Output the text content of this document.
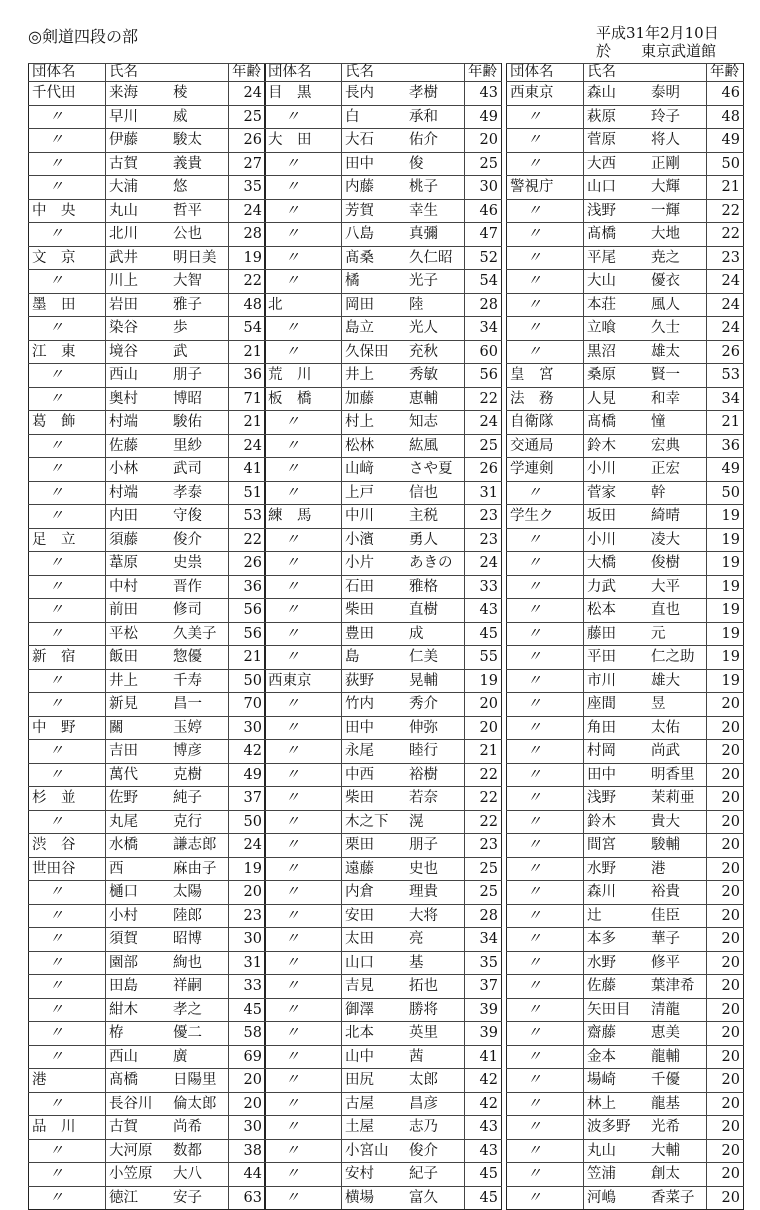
◎剣道四段の部	平成31年2月10日
於　　東京武道館
団体名	氏名		年齢
千代田	来海	稜	24
〃	早川	威	25
〃	伊藤	駿太	26
〃	古賀	義貴	27
〃	大浦	悠	35
中　央	丸山	哲平	24
〃	北川	公也	28
文　京	武井	明日美	19
〃	川上	大智	22
墨　田	岩田	雅子	48
〃	染谷	歩	54
江　東	境谷	武	21
〃	西山	朋子	36
〃	奥村	博昭	71
葛　飾	村端	駿佑	21
〃	佐藤	里紗	24
〃	小林	武司	41
〃	村端	孝泰	51
〃	内田	守俊	53
足　立	須藤	俊介	22
〃	葦原	史祟	26
〃	中村	晋作	36
〃	前田	修司	56
〃	平松	久美子	56
新　宿	飯田	惣優	21
〃	井上	千寿	50
〃	新見	昌一	70
中　野	關	玉婷	30
〃	吉田	博彦	42
〃	萬代	克樹	49
杉　並	佐野	純子	37
〃	丸尾	克行	50
渋　谷	水橋	謙志郎	24
世田谷	西	麻由子	19
〃	樋口	太陽	20
〃	小村	陸郎	23
〃	須賀	昭博	30
〃	園部	絢也	31
〃	田島	祥嗣	33
〃	紺木	孝之	45
〃	栫	優二	58
〃	西山	廣	69
港	髙橋	日陽里	20
〃	長谷川	倫太郎	20
品　川	古賀	尚希	30
〃	大河原	数都	38
〃	小笠原	大八	44
〃	徳江	安子	63
団体名	氏名		年齢
目　黒	長内	孝樹	43
〃	白	承和	49
大　田	大石	佑介	20
〃	田中	俊	25
〃	内藤	桃子	30
〃	芳賀	幸生	46
〃	八島	真彌	47
〃	髙桑	久仁昭	52
〃	橘	光子	54
北	岡田	陸	28
〃	島立	光人	34
〃	久保田	充秋	60
荒　川	井上	秀敏	56
板　橋	加藤	恵輔	22
〃	村上	知志	24
〃	松林	紘風	25
〃	山﨑	さや夏	26
〃	上戸	信也	31
練　馬	中川	主税	23
〃	小濱	勇人	23
〃	小片	あきの	24
〃	石田	雅格	33
〃	柴田	直樹	43
〃	豊田	成	45
〃	島	仁美	55
西東京	荻野	晃輔	19
〃	竹内	秀介	20
〃	田中	伸弥	20
〃	永尾	睦行	21
〃	中西	裕樹	22
〃	柴田	若奈	22
〃	木之下	滉	22
〃	栗田	朋子	23
〃	遠藤	史也	25
〃	内倉	理貴	25
〃	安田	大将	28
〃	太田	亮	34
〃	山口	基	35
〃	吉見	拓也	37
〃	御澤	勝将	39
〃	北本	英里	39
〃	山中	茜	41
〃	田尻	太郎	42
〃	古屋	昌彦	42
〃	土屋	志乃	43
〃	小宮山	俊介	43
〃	安村	紀子	45
〃	横場	富久	45
団体名	氏名		年齢
西東京	森山	泰明	46
〃	萩原	玲子	48
〃	菅原	将人	49
〃	大西	正剛	50
警視庁	山口	大輝	21
〃	浅野	一輝	22
〃	髙橋	大地	22
〃	平尾	尭之	23
〃	大山	優衣	24
〃	本荘	風人	24
〃	立喰	久士	24
〃	黒沼	雄太	26
皇　宮	桑原	賢一	53
法　務	人見	和幸	34
自衛隊	髙橋	憧	21
交通局	鈴木	宏典	36
学連剣	小川	正宏	49
〃	菅家	幹	50
学生ク	坂田	綺晴	19
〃	小川	凌大	19
〃	大橋	俊樹	19
〃	力武	大平	19
〃	松本	直也	19
〃	藤田	元	19
〃	平田	仁之助	19
〃	市川	雄大	19
〃	座間	昱	20
〃	角田	太佑	20
〃	村岡	尚武	20
〃	田中	明香里	20
〃	浅野	茉莉亜	20
〃	鈴木	貴大	20
〃	間宮	駿輔	20
〃	水野	港	20
〃	森川	裕貴	20
〃	辻	佳臣	20
〃	本多	華子	20
〃	水野	修平	20
〃	佐藤	葉津希	20
〃	矢田目	清龍	20
〃	齋藤	恵美	20
〃	金本	龍輔	20
〃	場崎	千優	20
〃	林上	龍基	20
〃	波多野	光希	20
〃	丸山	大輔	20
〃	笠浦	創太	20
〃	河嶋	香菜子	20
